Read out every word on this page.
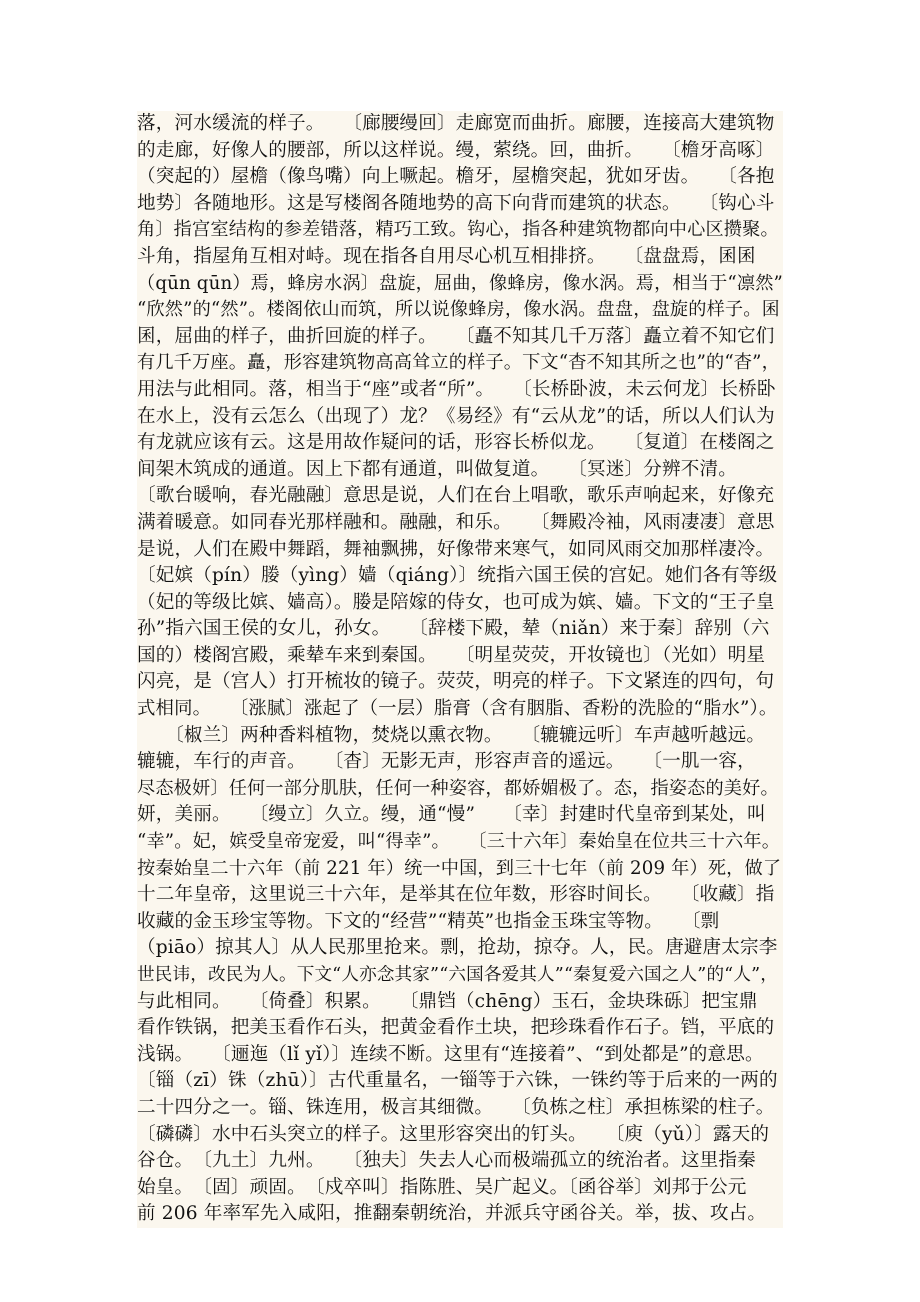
落，河水缓流的样子。　　〔廊腰缦回〕走廊宽而曲折。廊腰，连接高大建筑物
的走廊，好像人的腰部，所以这样说。缦，萦绕。回，曲折。　　〔檐牙高啄〕
（突起的）屋檐（像鸟嘴）向上噘起。檐牙，屋檐突起，犹如牙齿。　　〔各抱
地势〕各随地形。这是写楼阁各随地势的高下向背而建筑的状态。　　〔钩心斗
角〕指宫室结构的参差错落，精巧工致。钩心，指各种建筑物都向中心区攒聚。
斗角，指屋角互相对峙。现在指各自用尽心机互相排挤。　　〔盘盘焉，囷囷
（qūn qūn）焉，蜂房水涡〕盘旋，屈曲，像蜂房，像水涡。焉，相当于“凛然”
“欣然”的“然”。楼阁依山而筑，所以说像蜂房，像水涡。盘盘，盘旋的样子。囷
囷，屈曲的样子，曲折回旋的样子。　　〔矗不知其几千万落〕矗立着不知它们
有几千万座。矗，形容建筑物高高耸立的样子。下文“杳不知其所之也”的“杳”，
用法与此相同。落，相当于“座”或者“所”。　　〔长桥卧波，未云何龙〕长桥卧
在水上，没有云怎么（出现了）龙？《易经》有“云从龙”的话，所以人们认为
有龙就应该有云。这是用故作疑问的话，形容长桥似龙。　　〔复道〕在楼阁之
间架木筑成的通道。因上下都有通道，叫做复道。　　〔冥迷〕分辨不清。
〔歌台暖响，春光融融〕意思是说，人们在台上唱歌，歌乐声响起来，好像充
满着暖意。如同春光那样融和。融融，和乐。　　〔舞殿冷袖，风雨凄凄〕意思
是说，人们在殿中舞蹈，舞袖飘拂，好像带来寒气，如同风雨交加那样凄冷。
〔妃嫔（pín）媵（yìng）嫱（qiáng）〕统指六国王侯的宫妃。她们各有等级
（妃的等级比嫔、嫱高）。媵是陪嫁的侍女，也可成为嫔、嫱。下文的“王子皇
孙”指六国王侯的女儿，孙女。　　〔辞楼下殿，辇（niǎn）来于秦〕辞别（六
国的）楼阁宫殿，乘辇车来到秦国。　　〔明星荧荧，开妆镜也〕（光如）明星
闪亮，是（宫人）打开梳妆的镜子。荧荧，明亮的样子。下文紧连的四句，句
式相同。　　〔涨腻〕涨起了（一层）脂膏（含有胭脂、香粉的洗脸的“脂水”）。
　　〔椒兰〕两种香料植物，焚烧以熏衣物。　　〔辘辘远听〕车声越听越远。
辘辘，车行的声音。　　〔杳〕无影无声，形容声音的遥远。　　〔一肌一容，
尽态极妍〕任何一部分肌肤，任何一种姿容，都娇媚极了。态，指姿态的美好。
妍，美丽。　　〔缦立〕久立。缦，通“慢”　　〔幸〕封建时代皇帝到某处，叫
“幸”。妃，嫔受皇帝宠爱，叫“得幸”。　　〔三十六年〕秦始皇在位共三十六年。
按秦始皇二十六年（前 221 年）统一中国，到三十七年（前 209 年）死，做了
十二年皇帝，这里说三十六年，是举其在位年数，形容时间长。　　〔收藏〕指
收藏的金玉珍宝等物。下文的“经营”“精英”也指金玉珠宝等物。　　〔剽
（piāo）掠其人〕从人民那里抢来。剽，抢劫，掠夺。人，民。唐避唐太宗李
世民讳，改民为人。下文“人亦念其家”“六国各爱其人”“秦复爱六国之人”的“人”，
与此相同。　　〔倚叠〕积累。　　〔鼎铛（chēng）玉石，金块珠砾〕把宝鼎
看作铁锅，把美玉看作石头，把黄金看作土块，把珍珠看作石子。铛，平底的
浅锅。　　〔逦迤（lǐ yǐ）〕连续不断。这里有“连接着”、“到处都是”的意思。
〔锱（zī）铢（zhū）〕古代重量名，一锱等于六铢，一铢约等于后来的一两的
二十四分之一。锱、铢连用，极言其细微。　　〔负栋之柱〕承担栋梁的柱子。
〔磷磷〕水中石头突立的样子。这里形容突出的钉头。　　〔庾（yǔ）〕露天的
谷仓。　〔九土〕九州。　　〔独夫〕失去人心而极端孤立的统治者。这里指秦
始皇。　〔固〕顽固。　〔戍卒叫〕指陈胜、吴广起义。〔函谷举〕刘邦于公元
前 206 年率军先入咸阳，推翻秦朝统治，并派兵守函谷关。举，拔、攻占。
